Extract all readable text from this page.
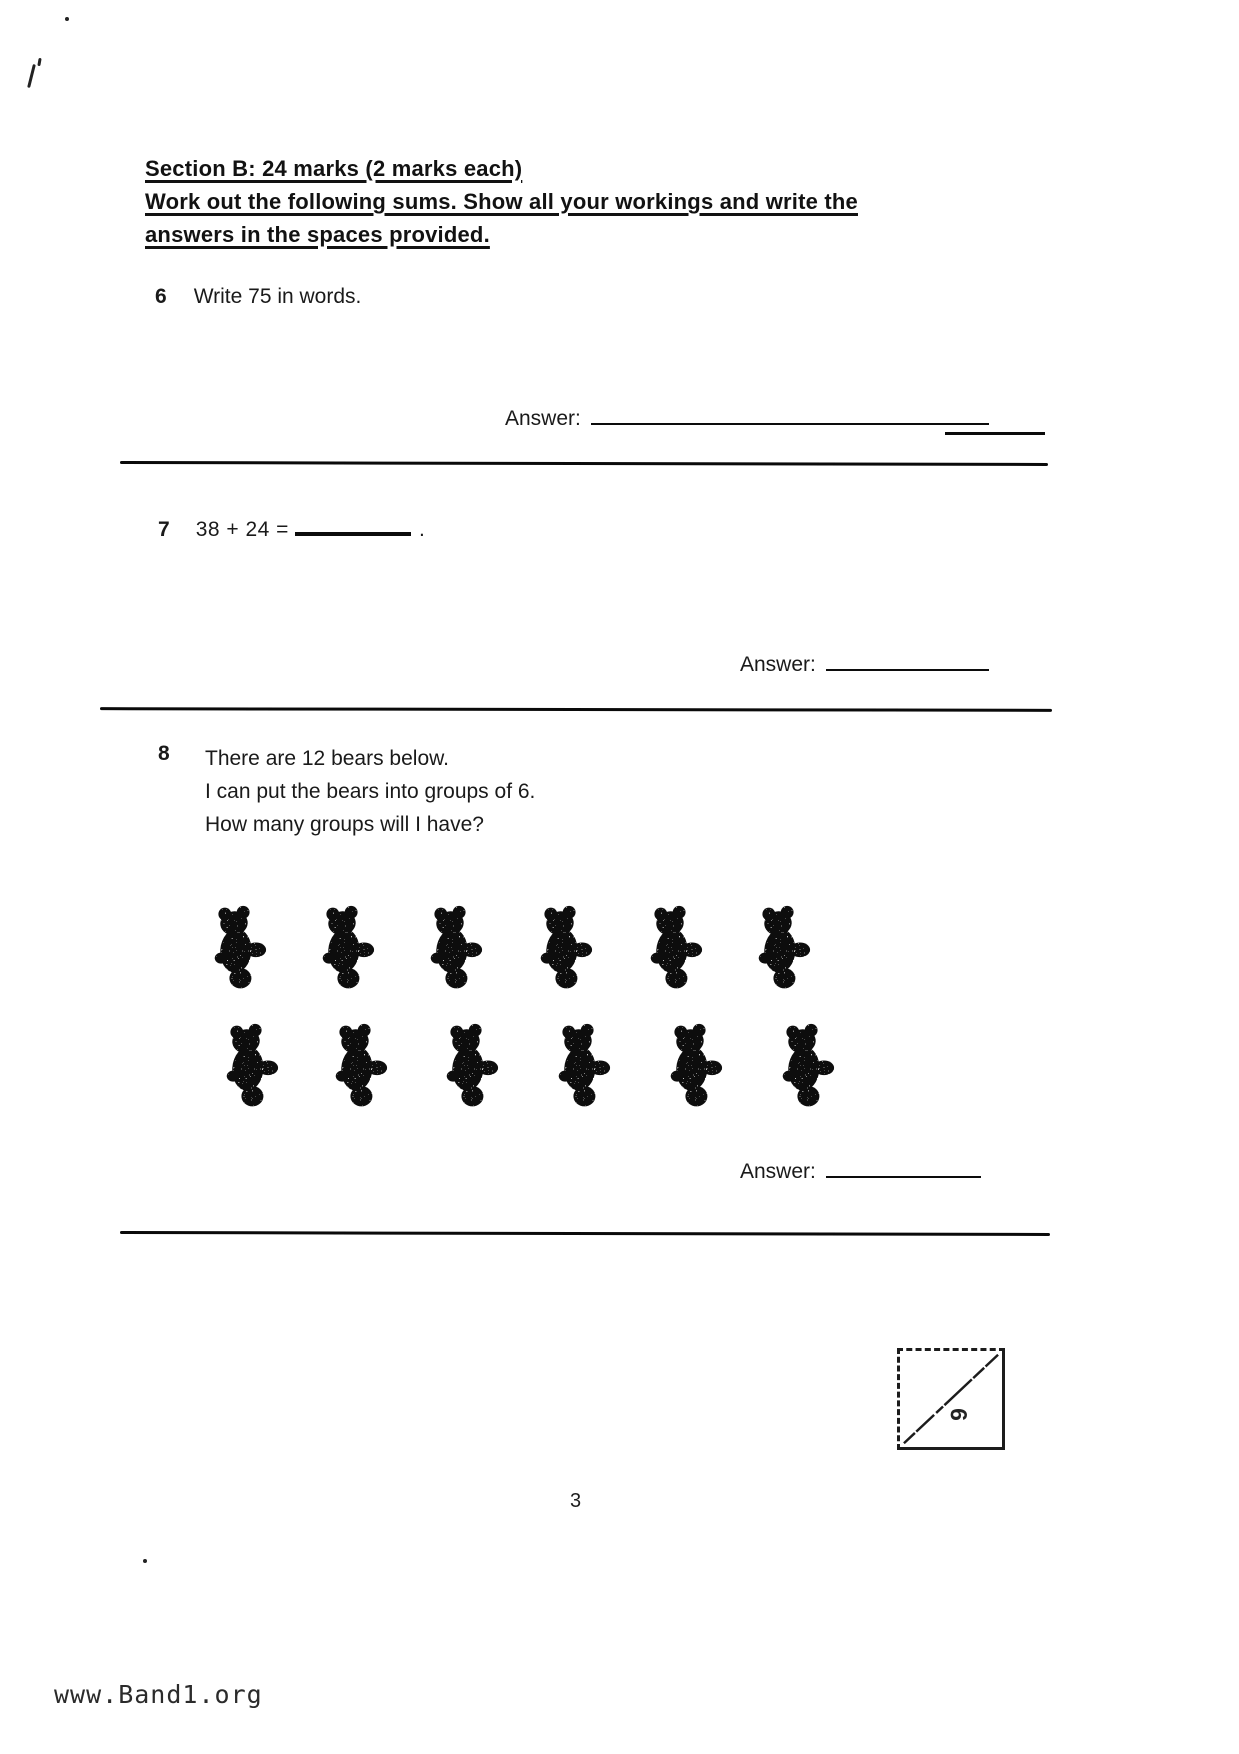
Section B: 24 marks (2 marks each)
Work out the following sums. Show all your workings and write the
answers in the spaces provided.
6 Write 75 in words.
Answer:
7 38 + 24 =	.
Answer:
8 There are 12 bears below.
I can put the bears into groups of 6.
How many groups will I have?
Answer:
6
3
www.Band1.org
